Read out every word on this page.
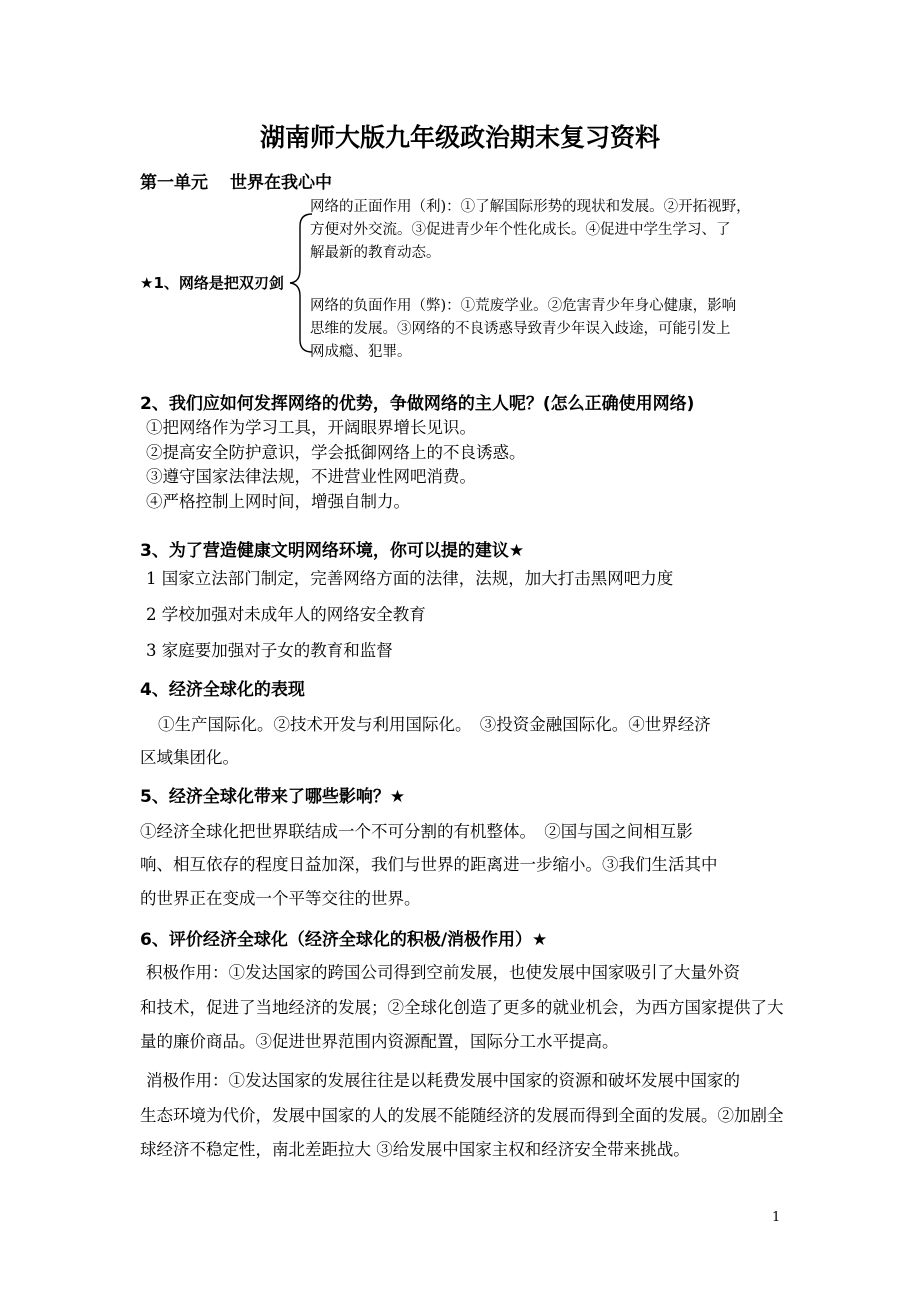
湖南师大版九年级政治期末复习资料
第一单元 世界在我心中
★1、网络是把双刃剑
网络的正面作用（利)：①了解国际形势的现状和发展。②开拓视野，
方便对外交流。③促进青少年个性化成长。④促进中学生学习、了
解最新的教育动态。
网络的负面作用（弊)：①荒废学业。②危害青少年身心健康，影响
思维的发展。③网络的不良诱惑导致青少年误入歧途，可能引发上
网成瘾、犯罪。
2、我们应如何发挥网络的优势，争做网络的主人呢？(怎么正确使用网络)
①把网络作为学习工具，开阔眼界增长见识。
②提高安全防护意识，学会抵御网络上的不良诱惑。
③遵守国家法律法规，不进营业性网吧消费。
④严格控制上网时间，增强自制力。
3、为了营造健康文明网络环境，你可以提的建议★
1 国家立法部门制定，完善网络方面的法律，法规，加大打击黑网吧力度
2 学校加强对未成年人的网络安全教育
3 家庭要加强对子女的教育和监督
4、经济全球化的表现
①生产国际化。②技术开发与利用国际化。　③投资金融国际化。④世界经济
区域集团化。
5、经济全球化带来了哪些影响？★
①经济全球化把世界联结成一个不可分割的有机整体。　②国与国之间相互影
响、相互依存的程度日益加深，我们与世界的距离进一步缩小。③我们生活其中
的世界正在变成一个平等交往的世界。
6、评价经济全球化（经济全球化的积极/消极作用）★

积极作用：①发达国家的跨国公司得到空前发展，也使发展中国家吸引了大量外资

和技术，促进了当地经济的发展；②全球化创造了更多的就业机会，为西方国家提供了大

量的廉价商品。③促进世界范围内资源配置，国际分工水平提高。

消极作用：①发达国家的发展往往是以耗费发展中国家的资源和破坏发展中国家的

生态环境为代价，发展中国家的人的发展不能随经济的发展而得到全面的发展。②加剧全

球经济不稳定性，南北差距拉大 ③给发展中国家主权和经济安全带来挑战。

1
